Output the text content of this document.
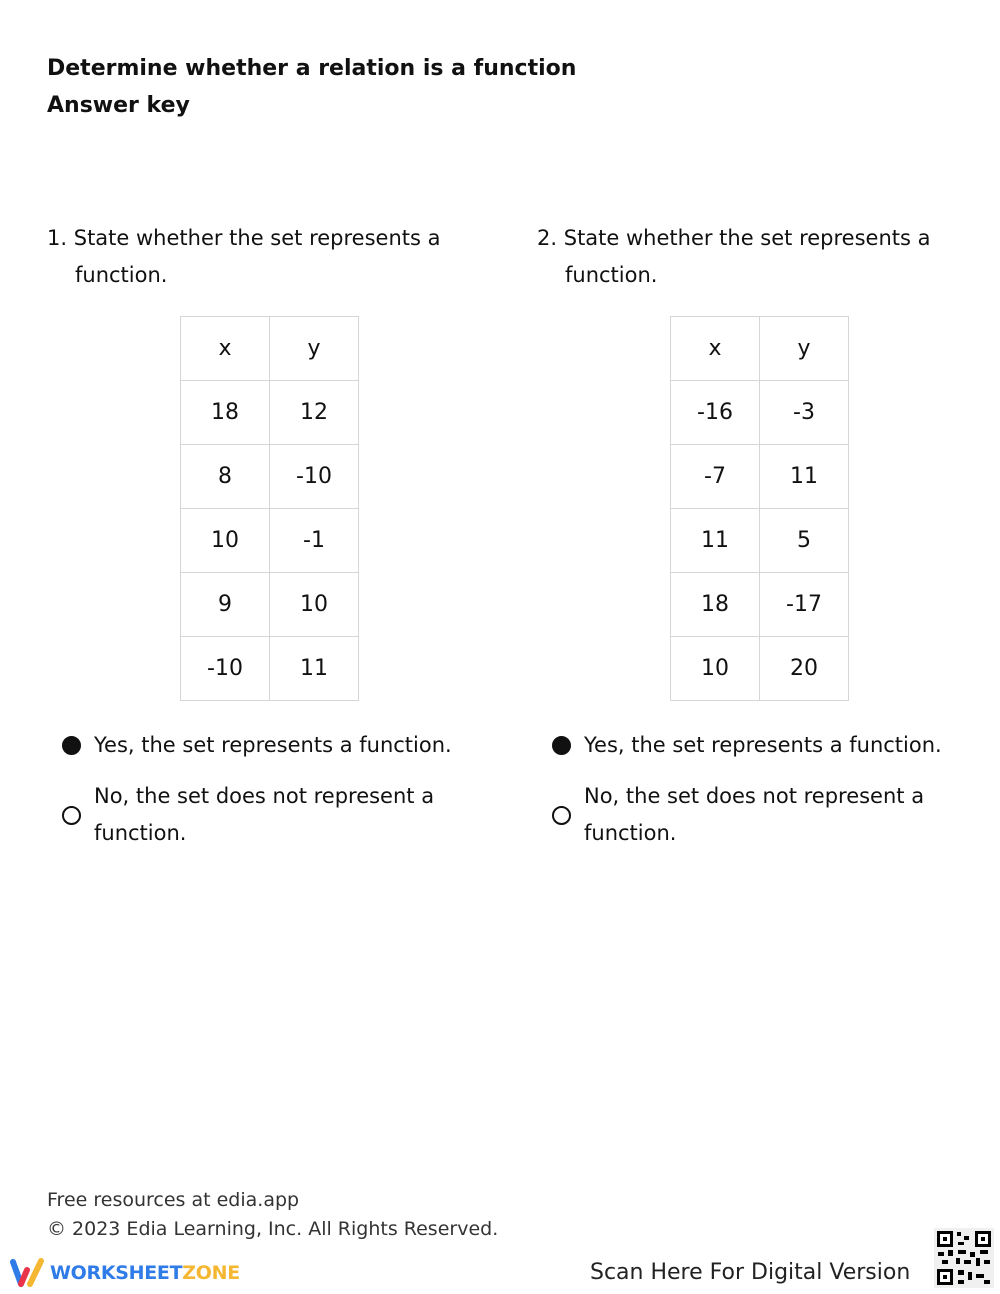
Determine whether a relation is a function
Answer key
1. State whether the set represents a function.
x	y
18	12
8	-10
10	-1
9	10
-10	11
Yes, the set represents a function.
No, the set does not represent a function.
2. State whether the set represents a function.
x	y
-16	-3
-7	11
11	5
18	-17
10	20
Yes, the set represents a function.
No, the set does not represent a function.
Free resources at edia.app
© 2023 Edia Learning, Inc. All Rights Reserved.
WORKSHEETZONE	Scan Here For Digital Version
